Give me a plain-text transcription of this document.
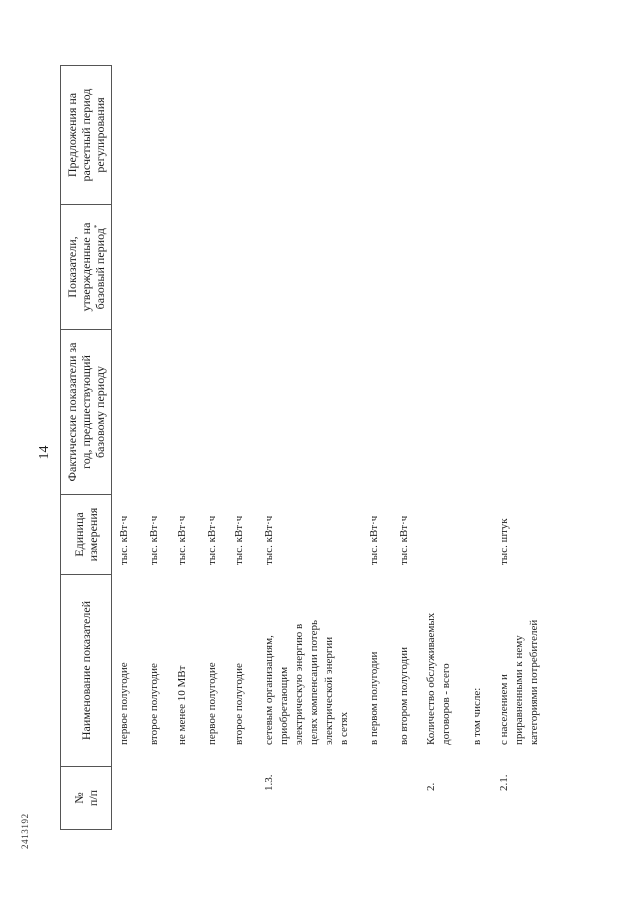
14
2413192
№
п/п
Наименование показателей
Единица
измерения
Фактические показатели за
год, предшествующий
базовому периоду
Показатели,
утвержденные на
базовый период*
Предложения на
расчетный период
регулирования
первое полугодие
тыс. кВт·ч
второе полугодие
тыс. кВт·ч
не менее 10 МВт
тыс. кВт·ч
первое полугодие
тыс. кВт·ч
второе полугодие
тыс. кВт·ч
1.3.
сетевым организациям,
приобретающим
электрическую энергию в
целях компенсации потерь
электрической энергии
в сетях
тыс. кВт·ч
в первом полугодии
тыс. кВт·ч
во втором полугодии
тыс. кВт·ч
2.
Количество обслуживаемых
договоров - всего
в том числе:
2.1.
с населением и
приравненными к нему
категориями потребителей
тыс. штук
